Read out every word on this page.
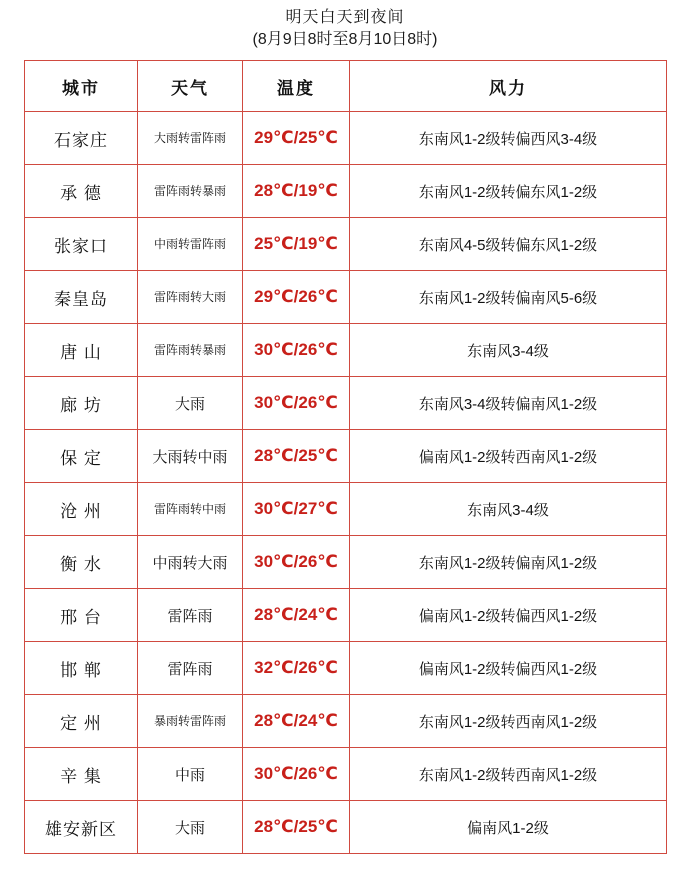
明天白天到夜间
(8月9日8时至8月10日8时)
城市	天气	温度	风力
石家庄	大雨转雷阵雨	29℃/25℃	东南风1-2级转偏西风3-4级
承 德	雷阵雨转暴雨	28℃/19℃	东南风1-2级转偏东风1-2级
张家口	中雨转雷阵雨	25℃/19℃	东南风4-5级转偏东风1-2级
秦皇岛	雷阵雨转大雨	29℃/26℃	东南风1-2级转偏南风5-6级
唐 山	雷阵雨转暴雨	30℃/26℃	东南风3-4级
廊 坊	大雨	30℃/26℃	东南风3-4级转偏南风1-2级
保 定	大雨转中雨	28℃/25℃	偏南风1-2级转西南风1-2级
沧 州	雷阵雨转中雨	30℃/27℃	东南风3-4级
衡 水	中雨转大雨	30℃/26℃	东南风1-2级转偏南风1-2级
邢 台	雷阵雨	28℃/24℃	偏南风1-2级转偏西风1-2级
邯 郸	雷阵雨	32℃/26℃	偏南风1-2级转偏西风1-2级
定 州	暴雨转雷阵雨	28℃/24℃	东南风1-2级转西南风1-2级
辛 集	中雨	30℃/26℃	东南风1-2级转西南风1-2级
雄安新区	大雨	28℃/25℃	偏南风1-2级
